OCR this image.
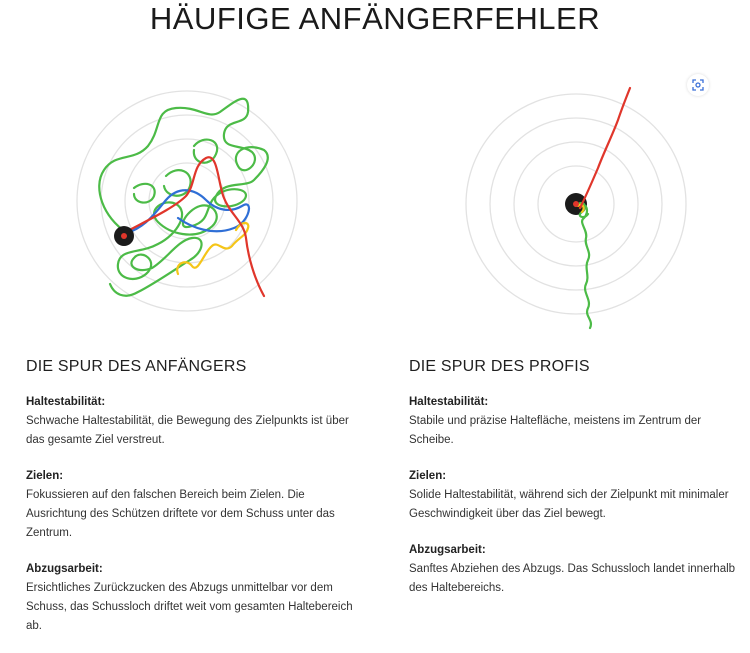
HÄUFIGE ANFÄNGERFEHLER
DIE SPUR DES ANFÄNGERS
Haltestabilität:
Schwache Haltestabilität, die Bewegung des Zielpunkts ist über das gesamte Ziel verstreut.
Zielen:
Fokussieren auf den falschen Bereich beim Zielen. Die Ausrichtung des Schützen driftete vor dem Schuss unter das Zentrum.
Abzugsarbeit:
Ersichtliches Zurückzucken des Abzugs unmittelbar vor dem Schuss, das Schussloch driftet weit vom gesamten Haltebereich ab.
DIE SPUR DES PROFIS
Haltestabilität:
Stabile und präzise Haltefläche, meistens im Zentrum der Scheibe.
Zielen:
Solide Haltestabilität, während sich der Zielpunkt mit minimaler Geschwindigkeit über das Ziel bewegt.
Abzugsarbeit:
Sanftes Abziehen des Abzugs. Das Schussloch landet innerhalb des Haltebereichs.
